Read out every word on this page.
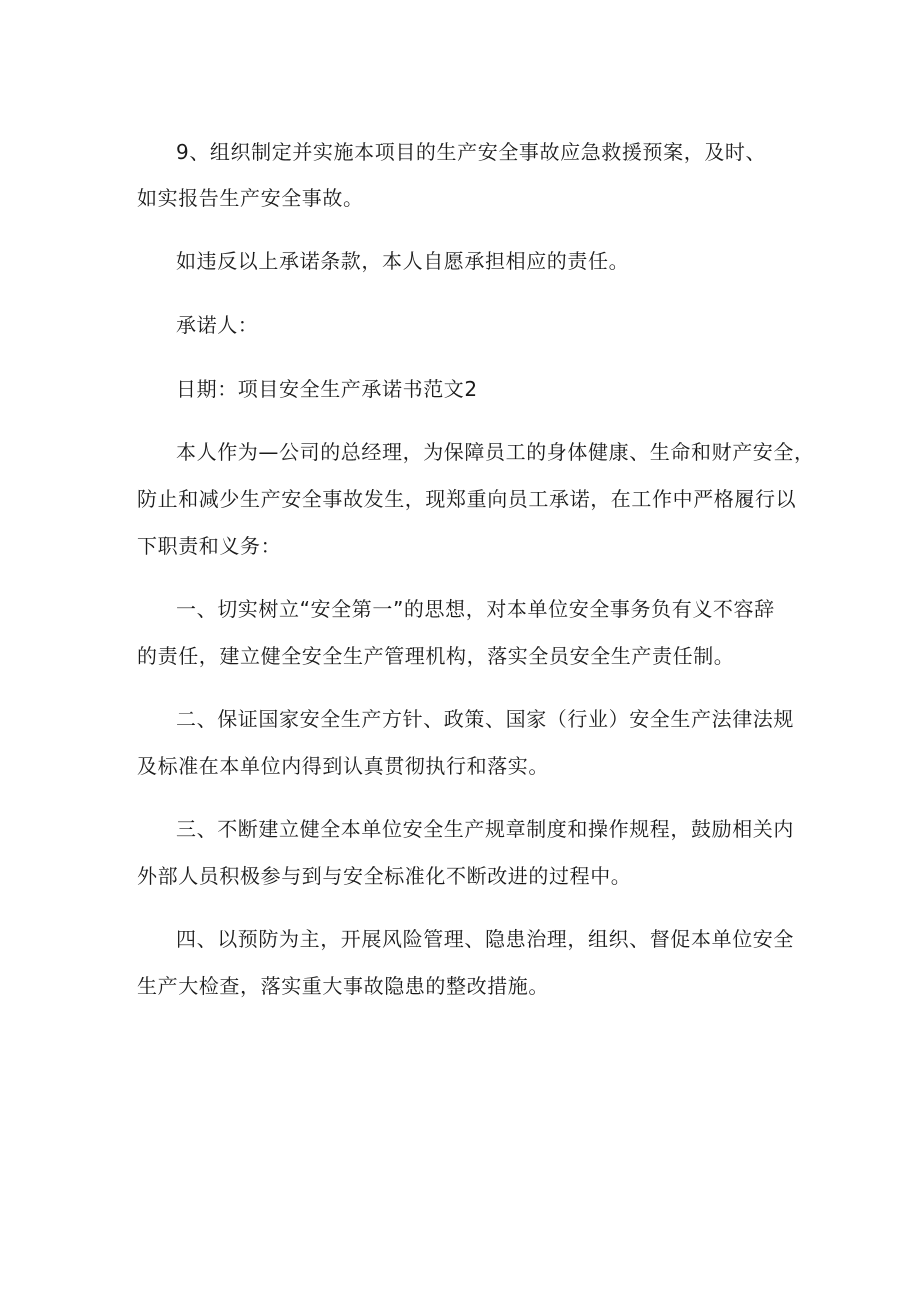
9、组织制定并实施本项目的生产安全事故应急救援预案，及时、
如实报告生产安全事故。
如违反以上承诺条款，本人自愿承担相应的责任。
承诺人：
日期：项目安全生产承诺书范文2
本人作为—公司的总经理，为保障员工的身体健康、生命和财产安全，
防止和减少生产安全事故发生，现郑重向员工承诺，在工作中严格履行以
下职责和义务：
一、切实树立“安全第一”的思想，对本单位安全事务负有义不容辞
的责任，建立健全安全生产管理机构，落实全员安全生产责任制。
二、保证国家安全生产方针、政策、国家（行业）安全生产法律法规
及标准在本单位内得到认真贯彻执行和落实。
三、不断建立健全本单位安全生产规章制度和操作规程，鼓励相关内
外部人员积极参与到与安全标准化不断改进的过程中。
四、以预防为主，开展风险管理、隐患治理，组织、督促本单位安全
生产大检查，落实重大事故隐患的整改措施。
